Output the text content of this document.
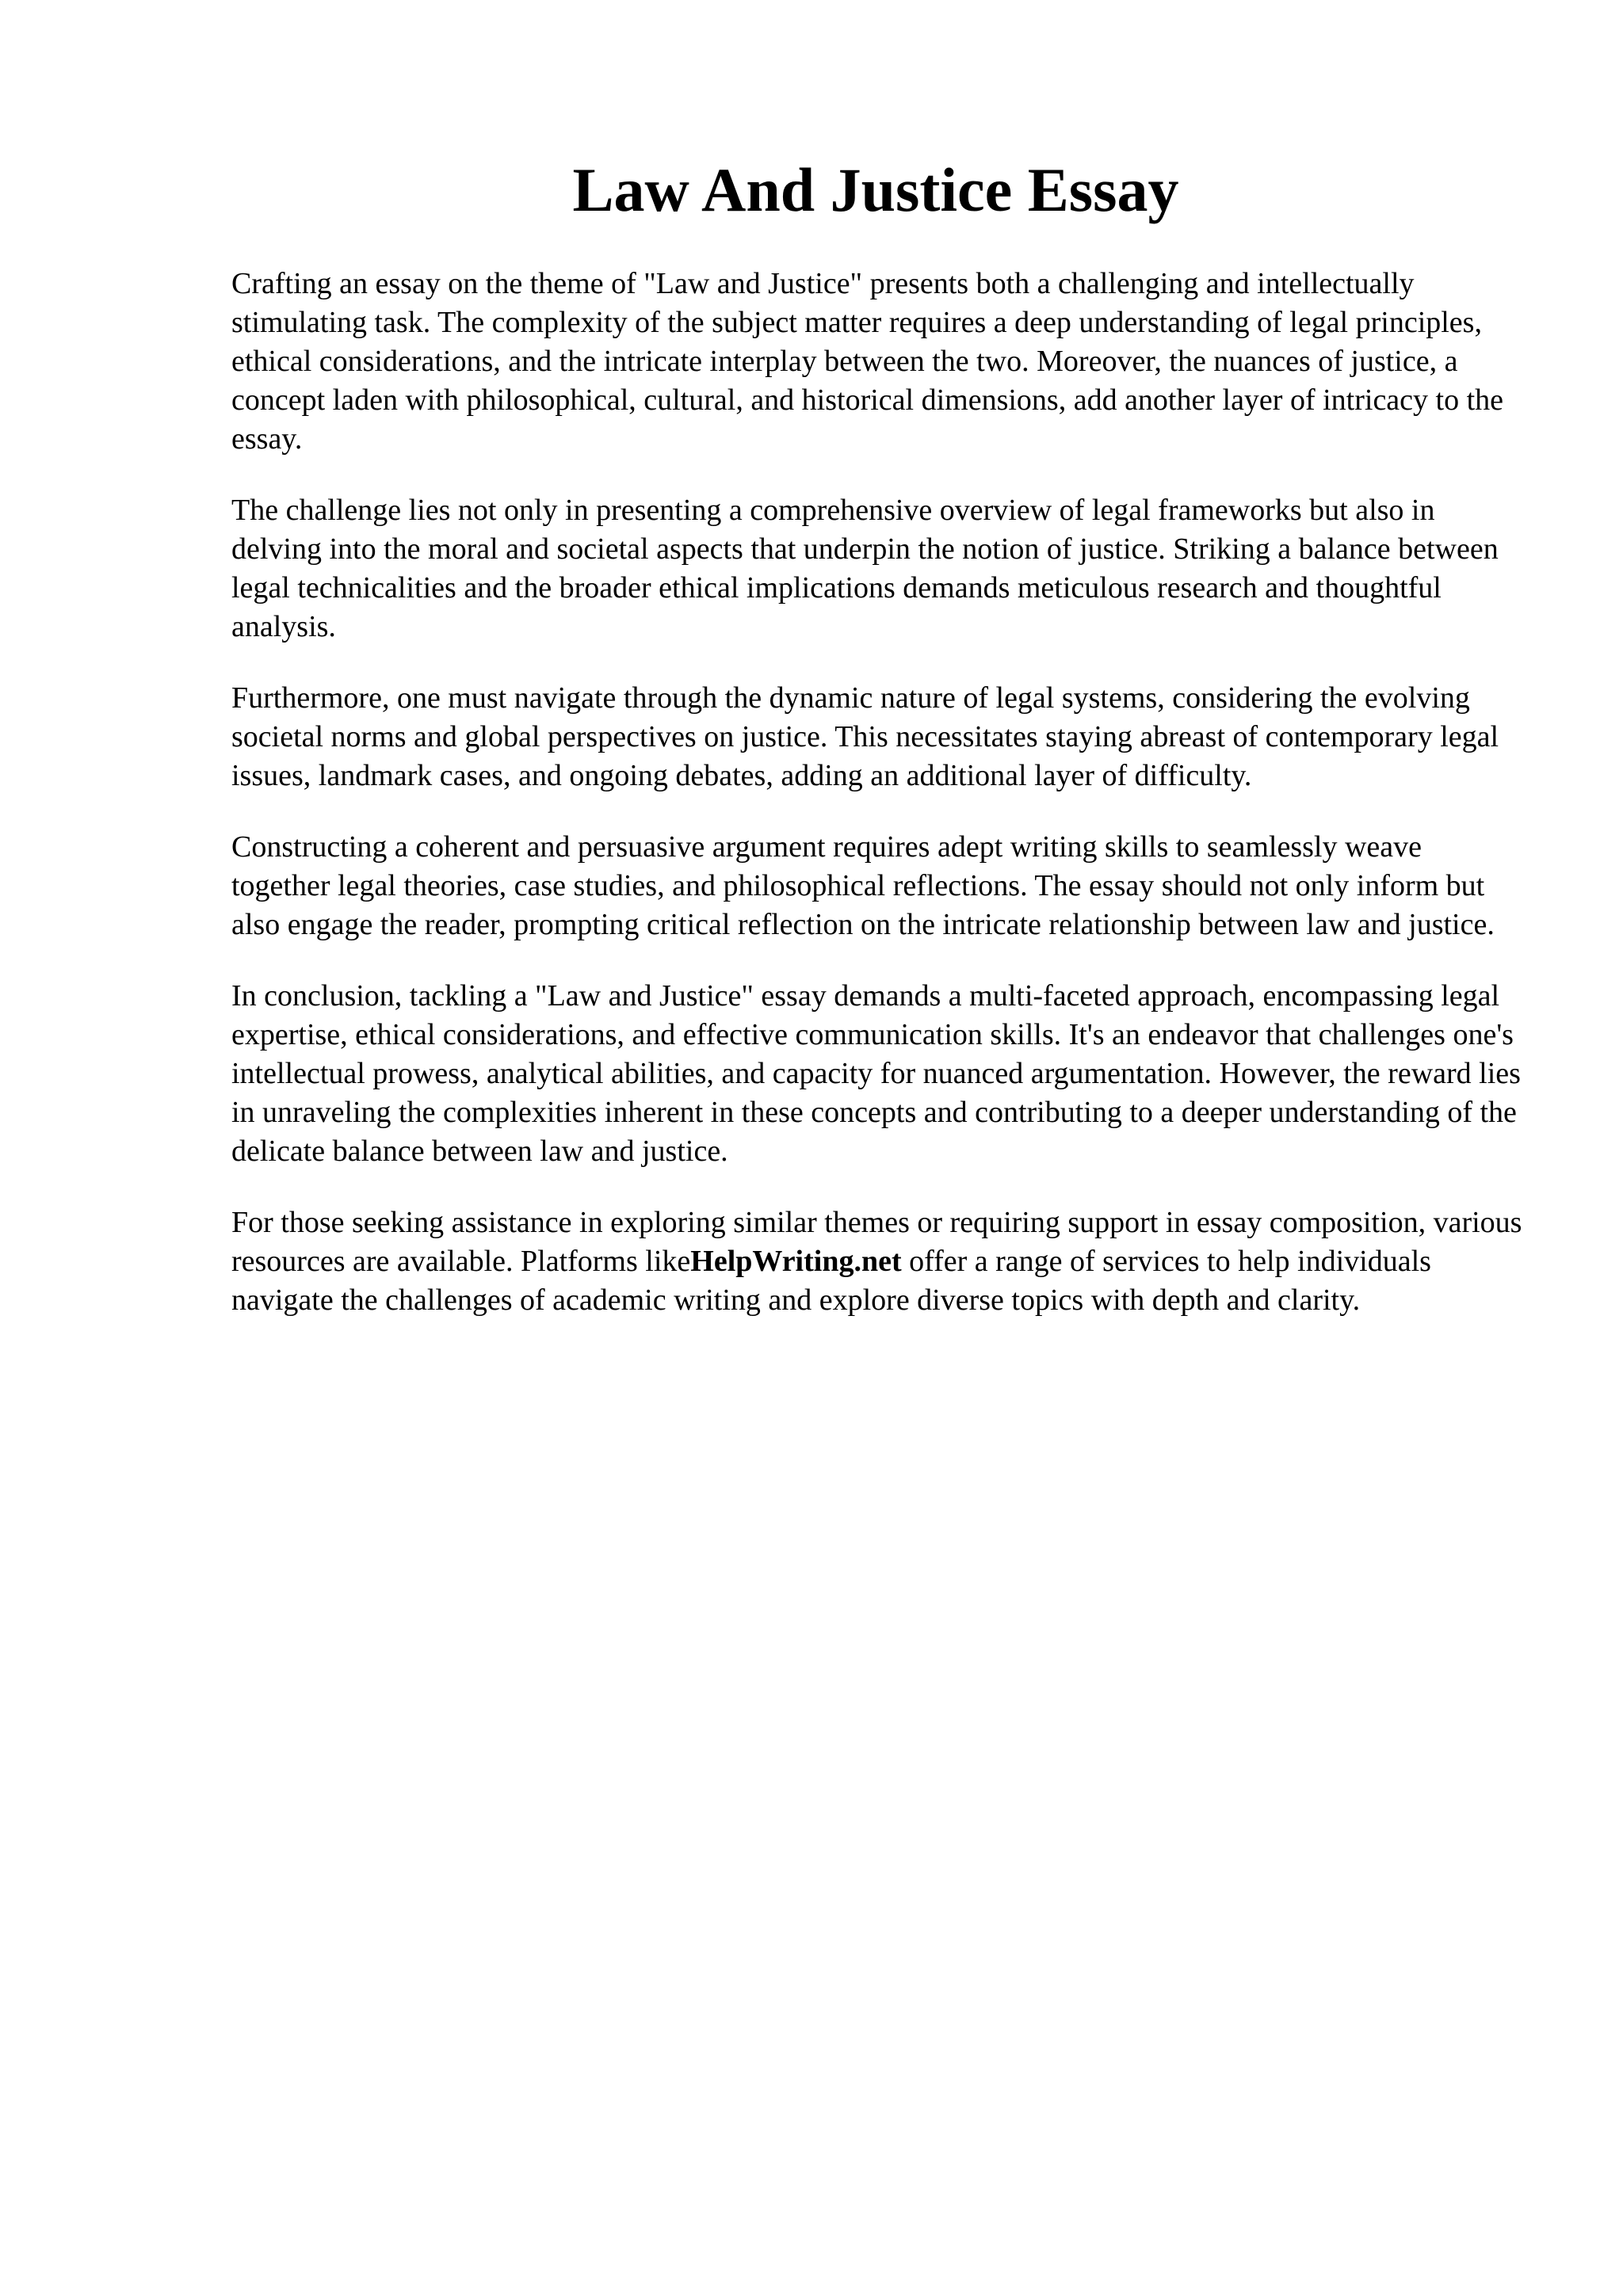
Law And Justice Essay

Crafting an essay on the theme of "Law and Justice" presents both a challenging and intellectually stimulating task. The complexity of the subject matter requires a deep understanding of legal principles, ethical considerations, and the intricate interplay between the two. Moreover, the nuances of justice, a concept laden with philosophical, cultural, and historical dimensions, add another layer of intricacy to the essay.

The challenge lies not only in presenting a comprehensive overview of legal frameworks but also in delving into the moral and societal aspects that underpin the notion of justice. Striking a balance between legal technicalities and the broader ethical implications demands meticulous research and thoughtful analysis.

Furthermore, one must navigate through the dynamic nature of legal systems, considering the evolving societal norms and global perspectives on justice. This necessitates staying abreast of contemporary legal issues, landmark cases, and ongoing debates, adding an additional layer of difficulty.

Constructing a coherent and persuasive argument requires adept writing skills to seamlessly weave together legal theories, case studies, and philosophical reflections. The essay should not only inform but also engage the reader, prompting critical reflection on the intricate relationship between law and justice.

In conclusion, tackling a "Law and Justice" essay demands a multi-faceted approach, encompassing legal expertise, ethical considerations, and effective communication skills. It's an endeavor that challenges one's intellectual prowess, analytical abilities, and capacity for nuanced argumentation. However, the reward lies in unraveling the complexities inherent in these concepts and contributing to a deeper understanding of the delicate balance between law and justice.

For those seeking assistance in exploring similar themes or requiring support in essay composition, various resources are available. Platforms likeHelpWriting.net offer a range of services to help individuals navigate the challenges of academic writing and explore diverse topics with depth and clarity.
